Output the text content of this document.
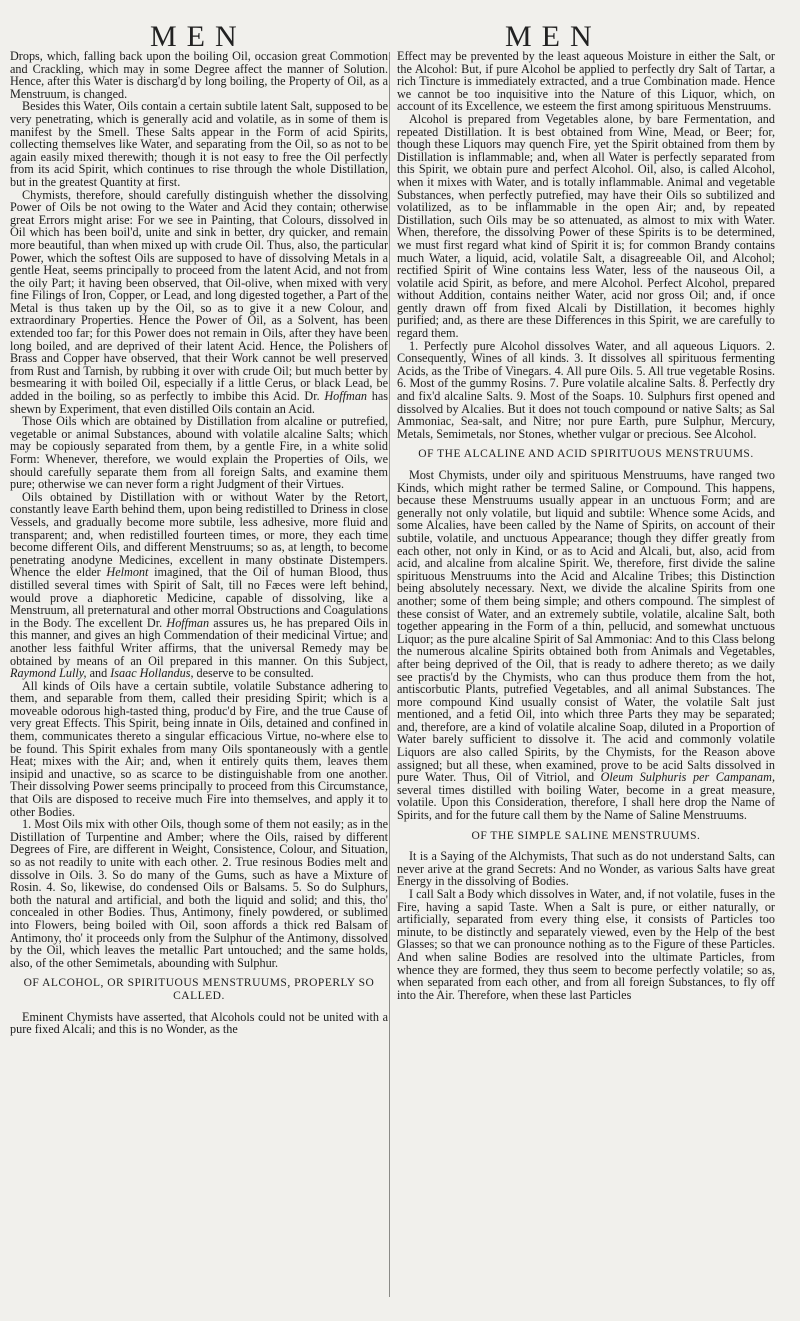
MEN	MEN

Drops, which, falling back upon the boiling Oil, occasion great Commotion and Crackling, which may in some Degree affect the manner of Solution. Hence, after this Water is discharg'd by long boiling, the Property of Oil, as a Menstruum, is changed.

Besides this Water, Oils contain a certain subtile latent Salt, supposed to be very penetrating, which is generally acid and volatile, as in some of them is manifest by the Smell. These Salts appear in the Form of acid Spirits, collecting themselves like Water, and separating from the Oil, so as not to be again easily mixed therewith; though it is not easy to free the Oil perfectly from its acid Spirit, which continues to rise through the whole Distillation, but in the greatest Quantity at first.

Chymists, therefore, should carefully distinguish whether the dissolving Power of Oils be not owing to the Water and Acid they contain; otherwise great Errors might arise: For we see in Painting, that Colours, dissolved in Oil which has been boil'd, unite and sink in better, dry quicker, and remain more beautiful, than when mixed up with crude Oil. Thus, also, the particular Power, which the softest Oils are supposed to have of dissolving Metals in a gentle Heat, seems principally to proceed from the latent Acid, and not from the oily Part; it having been observed, that Oil-olive, when mixed with very fine Filings of Iron, Copper, or Lead, and long digested together, a Part of the Metal is thus taken up by the Oil, so as to give it a new Colour, and extraordinary Properties. Hence the Power of Oil, as a Solvent, has been extended too far; for this Power does not remain in Oils, after they have been long boiled, and are deprived of their latent Acid. Hence, the Polishers of Brass and Copper have observed, that their Work cannot be well preserved from Rust and Tarnish, by rubbing it over with crude Oil; but much better by besmearing it with boiled Oil, especially if a little Cerus, or black Lead, be added in the boiling, so as perfectly to imbibe this Acid. Dr. Hoffman has shewn by Experiment, that even distilled Oils contain an Acid.

Those Oils which are obtained by Distillation from alcaline or putrefied, vegetable or animal Substances, abound with volatile alcaline Salts; which may be copiously separated from them, by a gentle Fire, in a white solid Form: Whenever, therefore, we would explain the Properties of Oils, we should carefully separate them from all foreign Salts, and examine them pure; otherwise we can never form a right Judgment of their Virtues.

Oils obtained by Distillation with or without Water by the Retort, constantly leave Earth behind them, upon being redistilled to Driness in close Vessels, and gradually become more subtile, less adhesive, more fluid and transparent; and, when redistilled fourteen times, or more, they each time become different Oils, and different Menstruums; so as, at length, to become penetrating anodyne Medicines, excellent in many obstinate Distempers. Whence the elder Helmont imagined, that the Oil of human Blood, thus distilled several times with Spirit of Salt, till no Fæces were left behind, would prove a diaphoretic Medicine, capable of dissolving, like a Menstruum, all preternatural and other morral Obstructions and Coagulations in the Body. The excellent Dr. Hoffman assures us, he has prepared Oils in this manner, and gives an high Commendation of their medicinal Virtue; and another less faithful Writer affirms, that the universal Remedy may be obtained by means of an Oil prepared in this manner. On this Subject, Raymond Lully, and Isaac Hollandus, deserve to be consulted.

All kinds of Oils have a certain subtile, volatile Substance adhering to them, and separable from them, called their presiding Spirit; which is a moveable odorous high-tasted thing, produc'd by Fire, and the true Cause of very great Effects. This Spirit, being innate in Oils, detained and confined in them, communicates thereto a singular efficacious Virtue, no-where else to be found. This Spirit exhales from many Oils spontaneously with a gentle Heat; mixes with the Air; and, when it entirely quits them, leaves them insipid and unactive, so as scarce to be distinguishable from one another. Their dissolving Power seems principally to proceed from this Circumstance, that Oils are disposed to receive much Fire into themselves, and apply it to other Bodies.

1. Most Oils mix with other Oils, though some of them not easily; as in the Distillation of Turpentine and Amber; where the Oils, raised by different Degrees of Fire, are different in Weight, Consistence, Colour, and Situation, so as not readily to unite with each other. 2. True resinous Bodies melt and dissolve in Oils. 3. So do many of the Gums, such as have a Mixture of Rosin. 4. So, likewise, do condensed Oils or Balsams. 5. So do Sulphurs, both the natural and artificial, and both the liquid and solid; and this, tho' concealed in other Bodies. Thus, Antimony, finely powdered, or sublimed into Flowers, being boiled with Oil, soon affords a thick red Balsam of Antimony, tho' it proceeds only from the Sulphur of the Antimony, dissolved by the Oil, which leaves the metallic Part untouched; and the same holds, also, of the other Semimetals, abounding with Sulphur.

OF ALCOHOL, OR SPIRITUOUS MENSTRUUMS, PROPERLY SO CALLED.

Eminent Chymists have asserted, that Alcohols could not be united with a pure fixed Alcali; and this is no Wonder, as the

Effect may be prevented by the least aqueous Moisture in either the Salt, or the Alcohol: But, if pure Alcohol be applied to perfectly dry Salt of Tartar, a rich Tincture is immediately extracted, and a true Combination made. Hence we cannot be too inquisitive into the Nature of this Liquor, which, on account of its Excellence, we esteem the first among spirituous Menstruums.

Alcohol is prepared from Vegetables alone, by bare Fermentation, and repeated Distillation. It is best obtained from Wine, Mead, or Beer; for, though these Liquors may quench Fire, yet the Spirit obtained from them by Distillation is inflammable; and, when all Water is perfectly separated from this Spirit, we obtain pure and perfect Alcohol. Oil, also, is called Alcohol, when it mixes with Water, and is totally inflammable. Animal and vegetable Substances, when perfectly putrefied, may have their Oils so subtilized and volatilized, as to be inflammable in the open Air; and, by repeated Distillation, such Oils may be so attenuated, as almost to mix with Water. When, therefore, the dissolving Power of these Spirits is to be determined, we must first regard what kind of Spirit it is; for common Brandy contains much Water, a liquid, acid, volatile Salt, a disagreeable Oil, and Alcohol; rectified Spirit of Wine contains less Water, less of the nauseous Oil, a volatile acid Spirit, as before, and mere Alcohol. Perfect Alcohol, prepared without Addition, contains neither Water, acid nor gross Oil; and, if once gently drawn off from fixed Alcali by Distillation, it becomes highly purified; and, as there are these Differences in this Spirit, we are carefully to regard them.

1. Perfectly pure Alcohol dissolves Water, and all aqueous Liquors. 2. Consequently, Wines of all kinds. 3. It dissolves all spirituous fermenting Acids, as the Tribe of Vinegars. 4. All pure Oils. 5. All true vegetable Rosins. 6. Most of the gummy Rosins. 7. Pure volatile alcaline Salts. 8. Perfectly dry and fix'd alcaline Salts. 9. Most of the Soaps. 10. Sulphurs first opened and dissolved by Alcalies. But it does not touch compound or native Salts; as Sal Ammoniac, Sea-salt, and Nitre; nor pure Earth, pure Sulphur, Mercury, Metals, Semimetals, nor Stones, whether vulgar or precious. See Alcohol.

OF THE ALCALINE AND ACID SPIRITUOUS MENSTRUUMS.

Most Chymists, under oily and spirituous Menstruums, have ranged two Kinds, which might rather be termed Saline, or Compound. This happens, because these Menstruums usually appear in an unctuous Form; and are generally not only volatile, but liquid and subtile: Whence some Acids, and some Alcalies, have been called by the Name of Spirits, on account of their subtile, volatile, and unctuous Appearance; though they differ greatly from each other, not only in Kind, or as to Acid and Alcali, but, also, acid from acid, and alcaline from alcaline Spirit. We, therefore, first divide the saline spirituous Menstruums into the Acid and Alcaline Tribes; this Distinction being absolutely necessary. Next, we divide the alcaline Spirits from one another; some of them being simple; and others compound. The simplest of these consist of Water, and an extremely subtile, volatile, alcaline Salt, both together appearing in the Form of a thin, pellucid, and somewhat unctuous Liquor; as the pure alcaline Spirit of Sal Ammoniac: And to this Class belong the numerous alcaline Spirits obtained both from Animals and Vegetables, after being deprived of the Oil, that is ready to adhere thereto; as we daily see practis'd by the Chymists, who can thus produce them from the hot, antiscorbutic Plants, putrefied Vegetables, and all animal Substances. The more compound Kind usually consist of Water, the volatile Salt just mentioned, and a fetid Oil, into which three Parts they may be separated; and, therefore, are a kind of volatile alcaline Soap, diluted in a Proportion of Water barely sufficient to dissolve it. The acid and commonly volatile Liquors are also called Spirits, by the Chymists, for the Reason above assigned; but all these, when examined, prove to be acid Salts dissolved in pure Water. Thus, Oil of Vitriol, and Oleum Sulphuris per Campanam, several times distilled with boiling Water, become in a great measure, volatile. Upon this Consideration, therefore, I shall here drop the Name of Spirits, and for the future call them by the Name of Saline Menstruums.

OF THE SIMPLE SALINE MENSTRUUMS.

It is a Saying of the Alchymists, That such as do not understand Salts, can never arive at the grand Secrets: And no Wonder, as various Salts have great Energy in the dissolving of Bodies.

I call Salt a Body which dissolves in Water, and, if not volatile, fuses in the Fire, having a sapid Taste. When a Salt is pure, or either naturally, or artificially, separated from every thing else, it consists of Particles too minute, to be distinctly and separately viewed, even by the Help of the best Glasses; so that we can pronounce nothing as to the Figure of these Particles. And when saline Bodies are resolved into the ultimate Particles, from whence they are formed, they thus seem to become perfectly volatile; so as, when separated from each other, and from all foreign Substances, to fly off into the Air. Therefore, when these last Particles
